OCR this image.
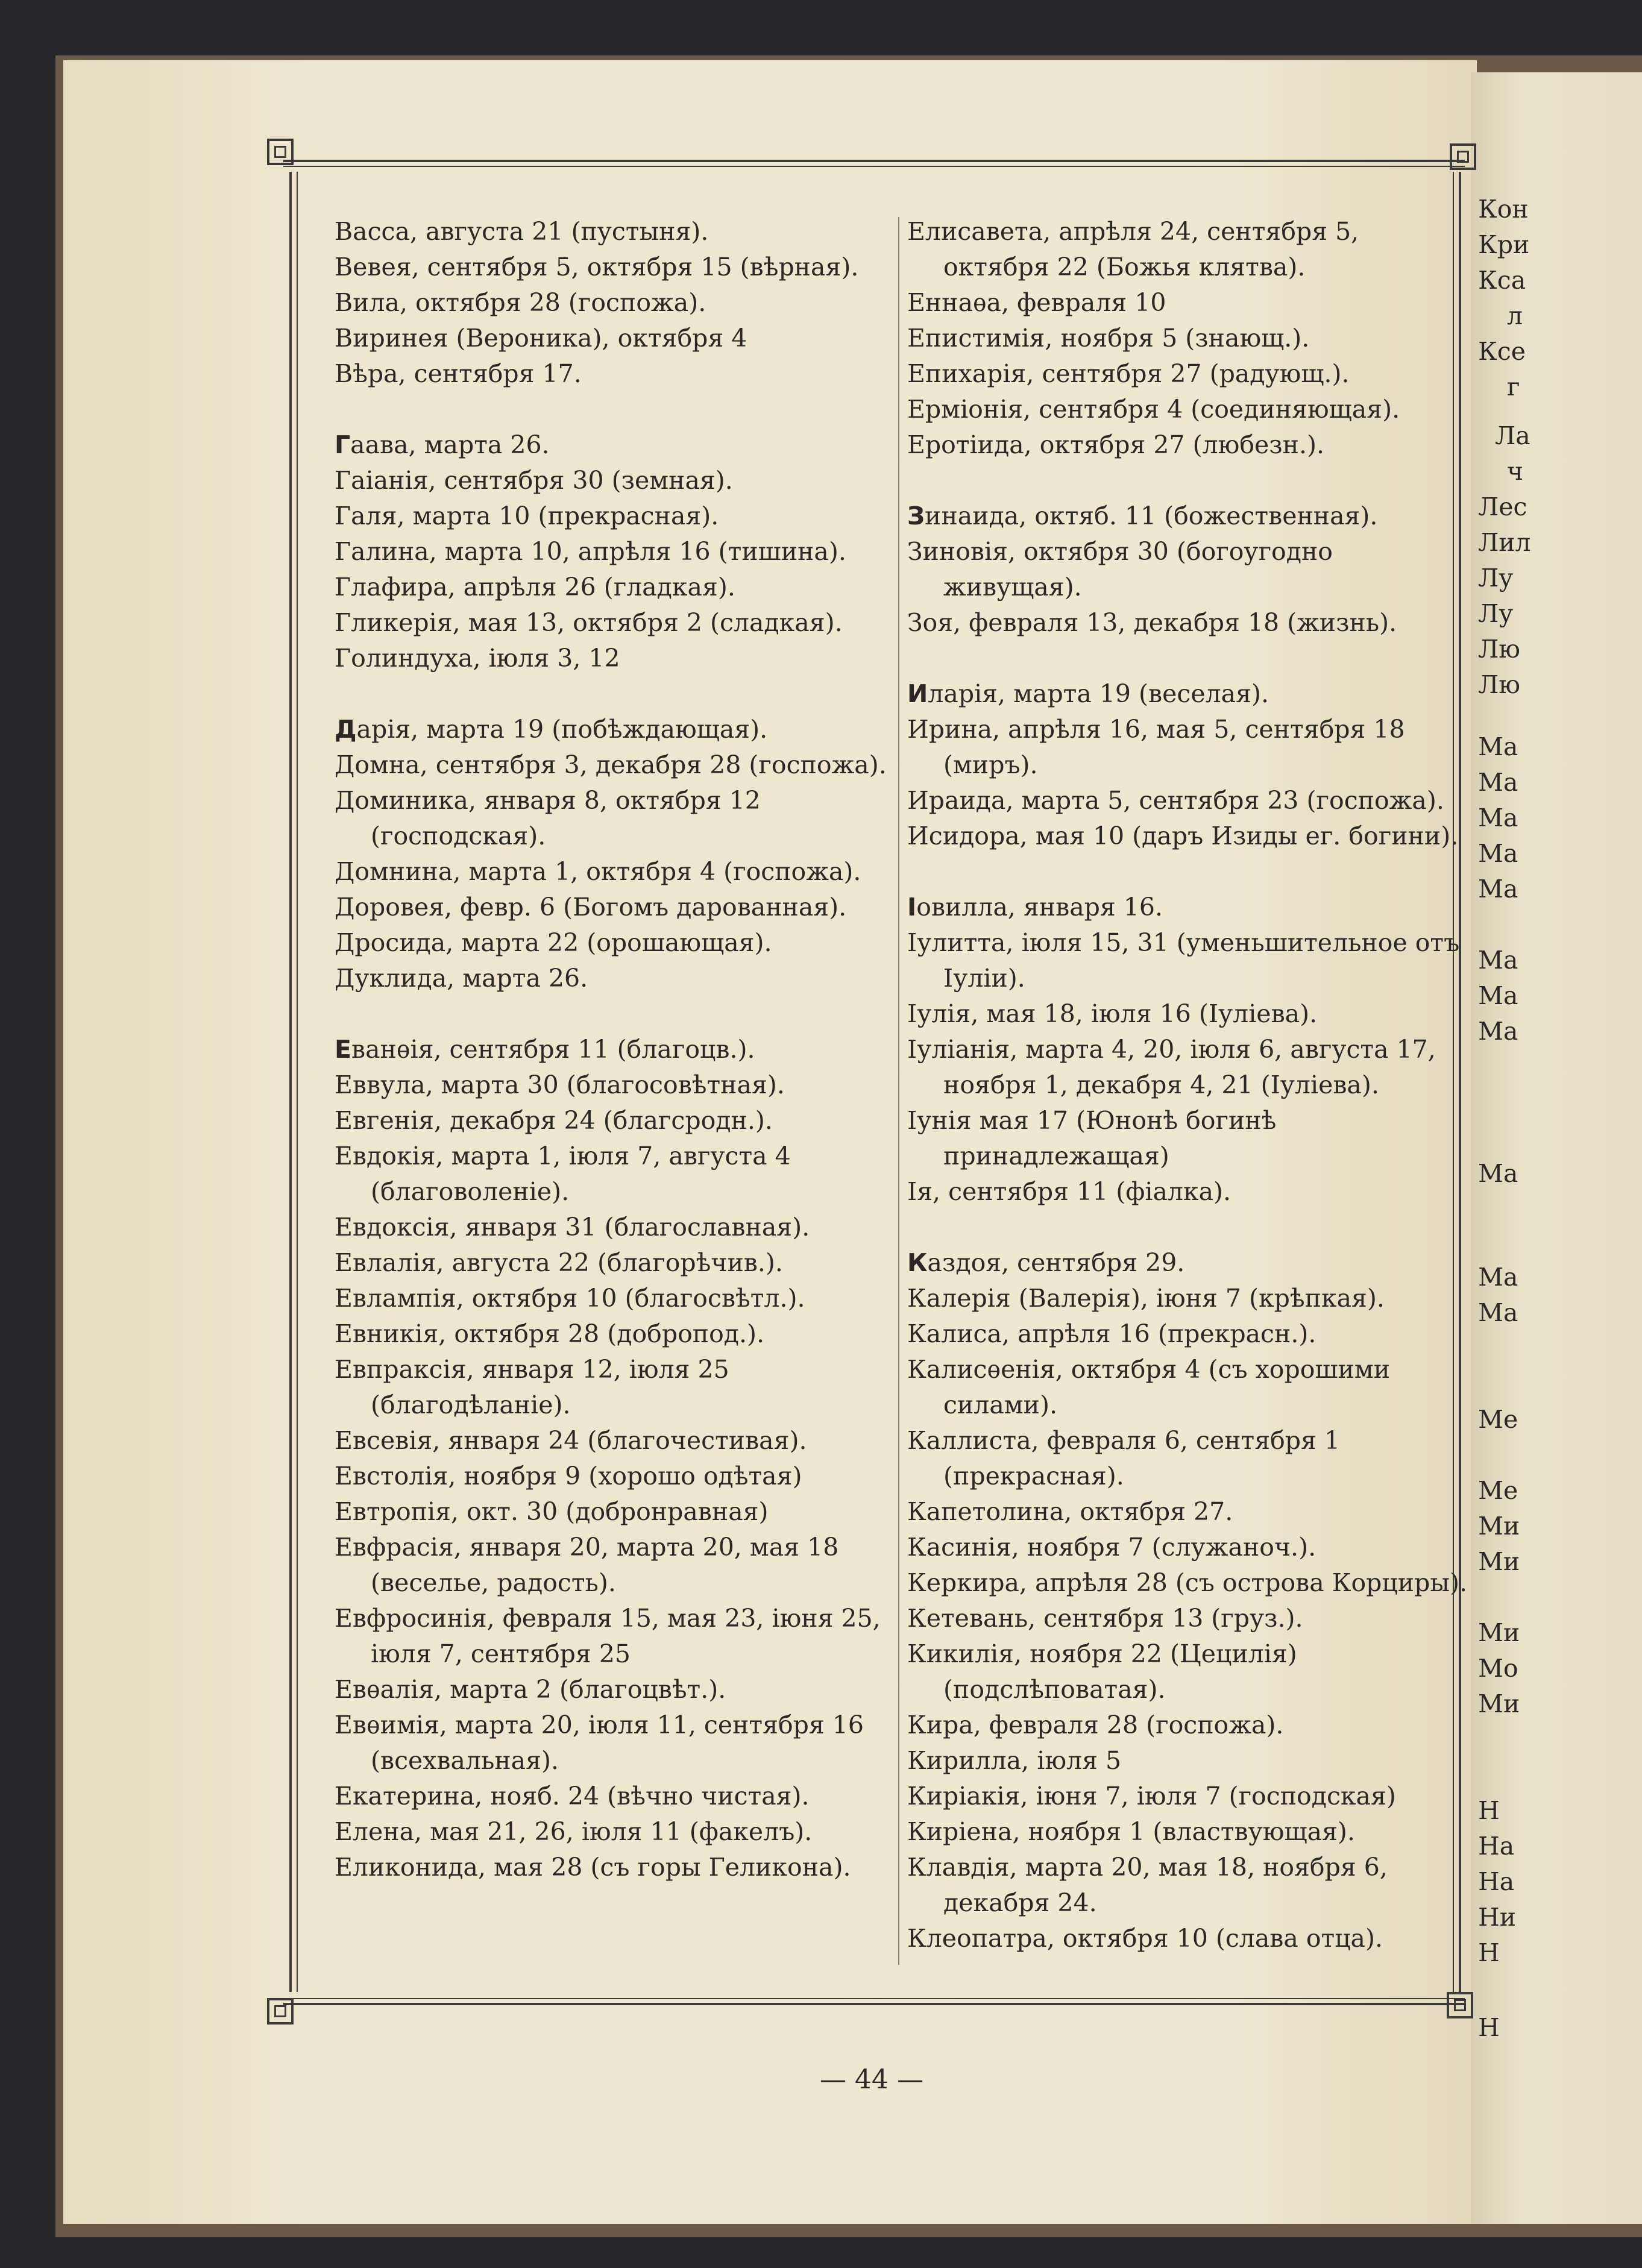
Кон
Кри
Кса
л
Ксе
г
Ла
ч
Лес
Лил
Лу
Лу
Лю
Лю
Ма
Ма
Ма
Ма
Ма
Ма
Ма
Ма
Ма
Ма
Ма
Ме
Ме
Ми
Ми
Ми
Мо
Ми
Н
На
На
Ни
Н
Н
Васса, августа 21 (пустыня).
Вевея, сентября 5, октября 15 (вѣрная).
Вила, октября 28 (госпожа).
Виринея (Вероника), октября 4
Вѣра, сентября 17.
Гаава, марта 26.
Гаіанія, сентября 30 (земная).
Галя, марта 10 (прекрасная).
Галина, марта 10, апрѣля 16 (тишина).
Глафира, апрѣля 26 (гладкая).
Гликерія, мая 13, октября 2 (сладкая).
Голиндуха, іюля 3, 12
Дарія, марта 19 (побѣждающая).
Домна, сентября 3, декабря 28 (госпожа).
Доминика, января 8, октября 12 (господская).
Домнина, марта 1, октября 4 (госпожа).
Доровея, февр. 6 (Богомъ дарованная).
Дросида, марта 22 (орошающая).
Дуклида, марта 26.
Еванѳія, сентября 11 (благоцв.).
Еввула, марта 30 (благосовѣтная).
Евгенія, декабря 24 (благсродн.).
Евдокія, марта 1, іюля 7, августа 4 (благоволеніе).
Евдоксія, января 31 (благославная).
Евлалія, августа 22 (благорѣчив.).
Евлампія, октября 10 (благосвѣтл.).
Евникія, октября 28 (добропод.).
Евпраксія, января 12, іюля 25 (благодѣланіе).
Евсевія, января 24 (благочестивая).
Евстолія, ноября 9 (хорошо одѣтая)
Евтропія, окт. 30 (добронравная)
Евфрасія, января 20, марта 20, мая 18 (веселье, радость).
Евфросинія, февраля 15, мая 23, іюня 25, іюля 7, сентября 25
Евѳалія, марта 2 (благоцвѣт.).
Евѳимія, марта 20, іюля 11, сентября 16 (всехвальная).
Екатерина, нояб. 24 (вѣчно чистая).
Елена, мая 21, 26, іюля 11 (факелъ).
Еликонида, мая 28 (съ горы Геликона).
Елисавета, апрѣля 24, сентября 5, октября 22 (Божья клятва).
Еннаѳа, февраля 10
Епистимія, ноября 5 (знающ.).
Епихарія, сентября 27 (радующ.).
Ерміонія, сентября 4 (соединяющая).
Еротіида, октября 27 (любезн.).
Зинаида, октяб. 11 (божественная).
Зиновія, октября 30 (богоугодно живущая).
Зоя, февраля 13, декабря 18 (жизнь).
Иларія, марта 19 (веселая).
Ирина, апрѣля 16, мая 5, сентября 18 (миръ).
Ираида, марта 5, сентября 23 (госпожа).
Исидора, мая 10 (даръ Изиды ег. богини).
Іовилла, января 16.
Іулитта, іюля 15, 31 (уменьшительное отъ Іуліи).
Іулія, мая 18, іюля 16 (Іуліева).
Іуліанія, марта 4, 20, іюля 6, августа 17, ноября 1, декабря 4, 21 (Іуліева).
Іунія мая 17 (Юнонѣ богинѣ принадлежащая)
Ія, сентября 11 (фіалка).
Каздоя, сентября 29.
Калерія (Валерія), іюня 7 (крѣпкая).
Калиса, апрѣля 16 (прекрасн.).
Калисѳенія, октября 4 (съ хорошими силами).
Каллиста, февраля 6, сентября 1 (прекрасная).
Капетолина, октября 27.
Касинія, ноября 7 (служаноч.).
Керкира, апрѣля 28 (съ острова Корциры).
Кетевань, сентября 13 (груз.).
Кикилія, ноября 22 (Цецилія) (подслѣповатая).
Кира, февраля 28 (госпожа).
Кирилла, іюля 5
Киріакія, іюня 7, іюля 7 (господская)
Киріена, ноября 1 (властвующая).
Клавдія, марта 20, мая 18, ноября 6, декабря 24.
Клеопатра, октября 10 (слава отца).
— 44 —
